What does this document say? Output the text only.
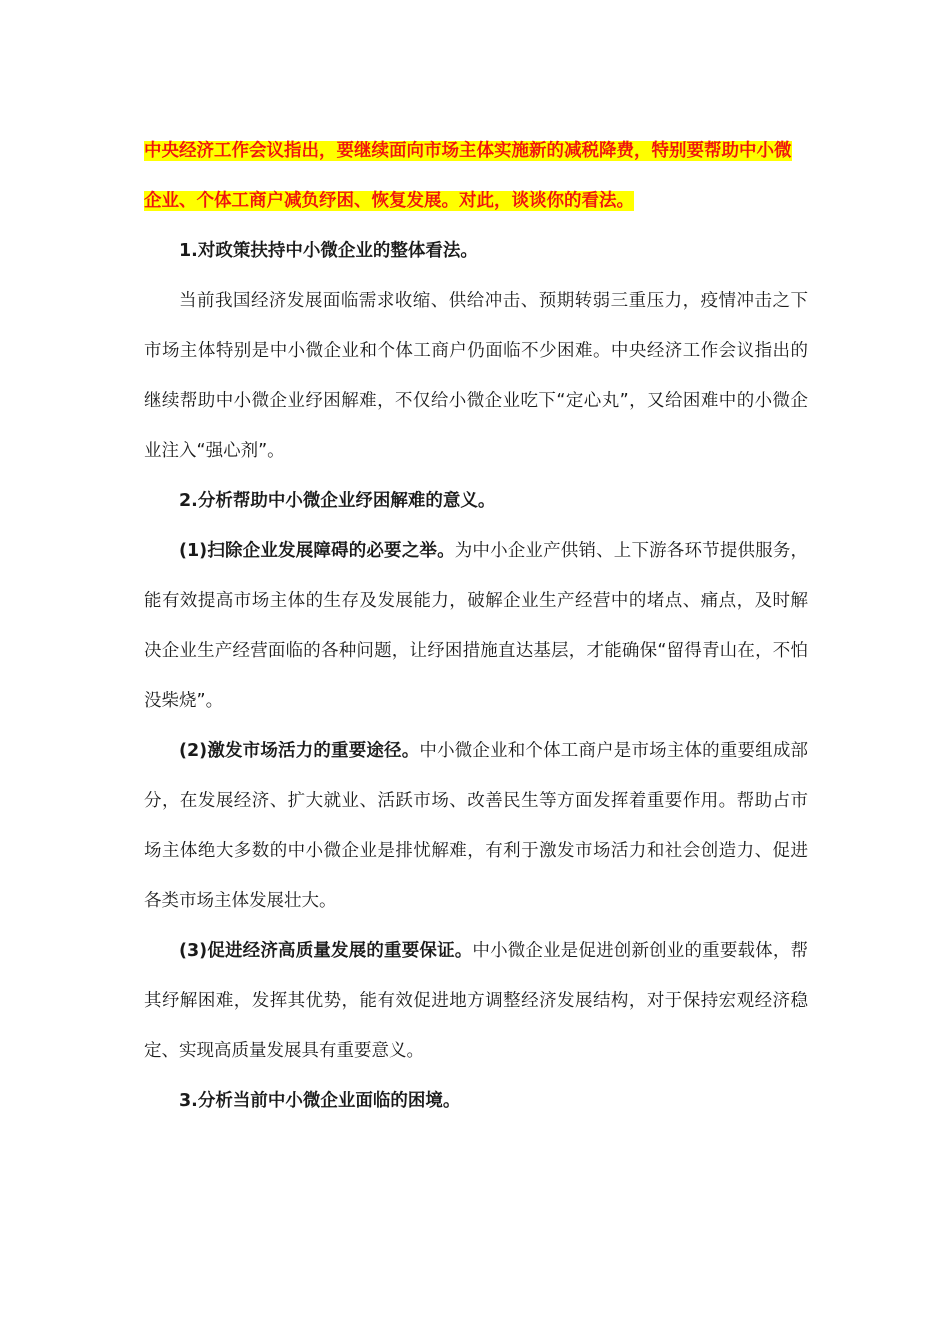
中央经济工作会议指出，要继续面向市场主体实施新的减税降费，特别要帮助中小微企业、个体工商户减负纾困、恢复发展。对此，谈谈你的看法。

1.对政策扶持中小微企业的整体看法。

当前我国经济发展面临需求收缩、供给冲击、预期转弱三重压力，疫情冲击之下市场主体特别是中小微企业和个体工商户仍面临不少困难。中央经济工作会议指出的继续帮助中小微企业纾困解难，不仅给小微企业吃下“定心丸”，又给困难中的小微企业注入“强心剂”。

2.分析帮助中小微企业纾困解难的意义。

(1)扫除企业发展障碍的必要之举。为中小企业产供销、上下游各环节提供服务，能有效提高市场主体的生存及发展能力，破解企业生产经营中的堵点、痛点，及时解决企业生产经营面临的各种问题，让纾困措施直达基层，才能确保“留得青山在，不怕没柴烧”。

(2)激发市场活力的重要途径。中小微企业和个体工商户是市场主体的重要组成部分，在发展经济、扩大就业、活跃市场、改善民生等方面发挥着重要作用。帮助占市场主体绝大多数的中小微企业是排忧解难，有利于激发市场活力和社会创造力、促进各类市场主体发展壮大。

(3)促进经济高质量发展的重要保证。中小微企业是促进创新创业的重要载体，帮其纾解困难，发挥其优势，能有效促进地方调整经济发展结构，对于保持宏观经济稳定、实现高质量发展具有重要意义。

3.分析当前中小微企业面临的困境。
